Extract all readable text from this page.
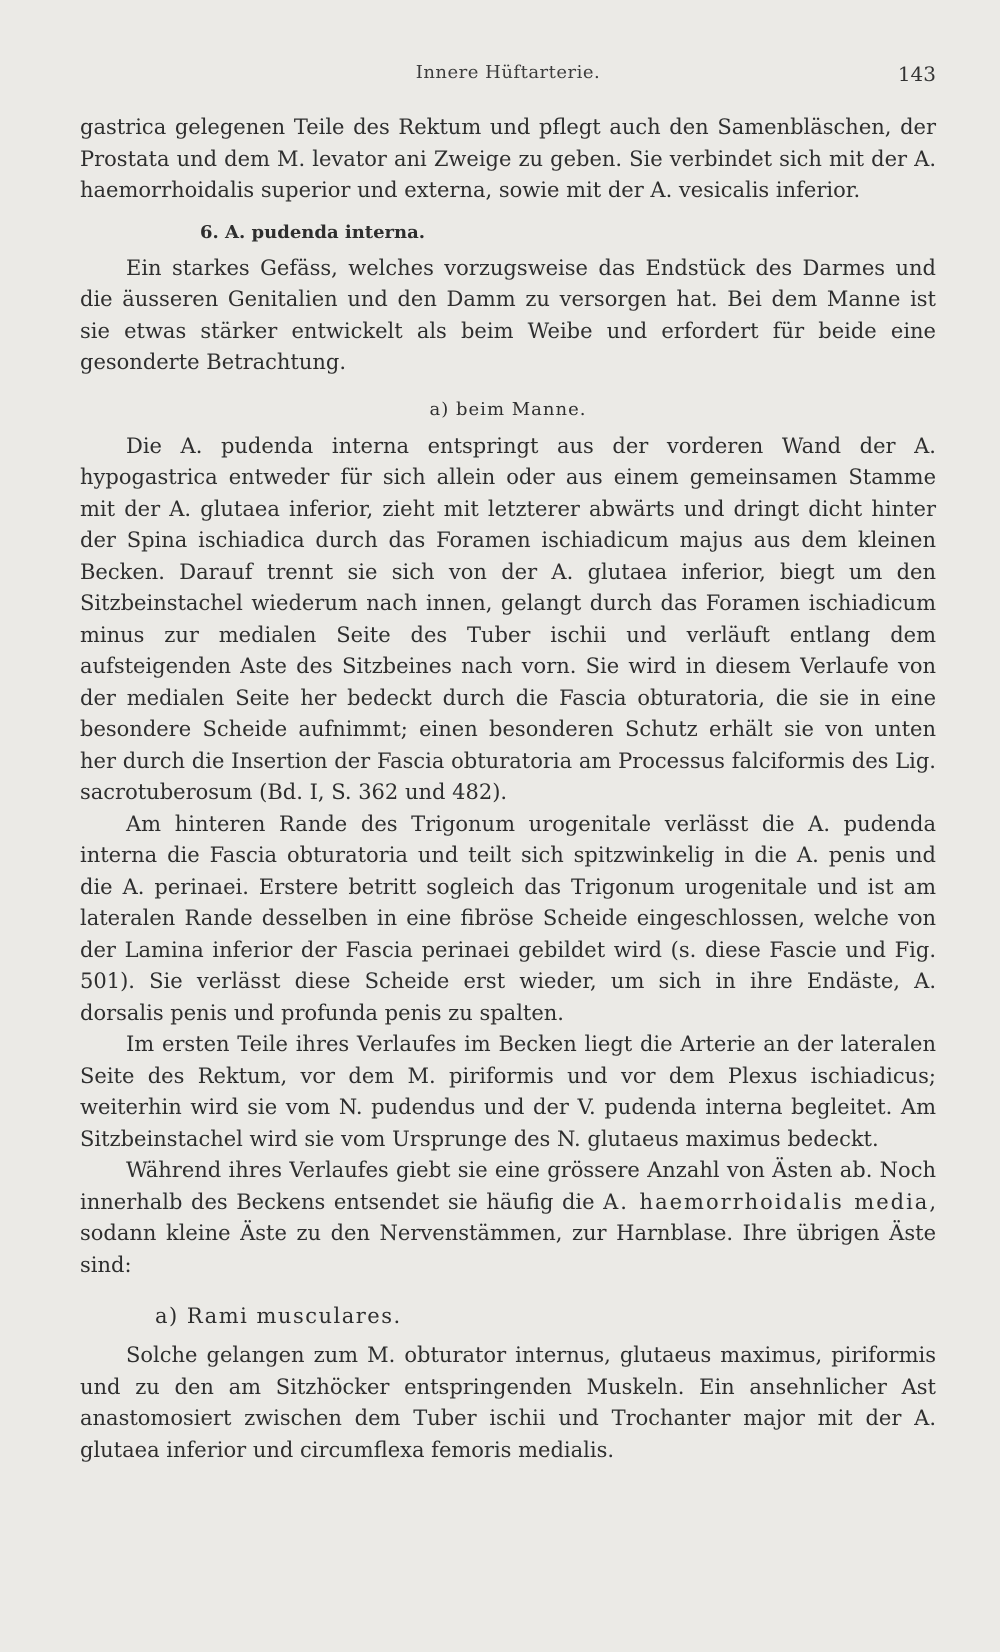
Innere Hüftarterie.	143

gastrica gelegenen Teile des Rektum und pflegt auch den Samenbläschen, der Prostata und dem M. levator ani Zweige zu geben. Sie verbindet sich mit der A. haemorrhoidalis superior und externa, sowie mit der A. vesicalis inferior.

6. A. pudenda interna.

Ein starkes Gefäss, welches vorzugsweise das Endstück des Darmes und die äusseren Genitalien und den Damm zu versorgen hat. Bei dem Manne ist sie etwas stärker entwickelt als beim Weibe und erfordert für beide eine gesonderte Betrachtung.

a) beim Manne.

Die A. pudenda interna entspringt aus der vorderen Wand der A. hypogastrica entweder für sich allein oder aus einem gemeinsamen Stamme mit der A. glutaea inferior, zieht mit letzterer abwärts und dringt dicht hinter der Spina ischiadica durch das Foramen ischiadicum majus aus dem kleinen Becken. Darauf trennt sie sich von der A. glutaea inferior, biegt um den Sitzbeinstachel wiederum nach innen, gelangt durch das Foramen ischiadicum minus zur medialen Seite des Tuber ischii und verläuft entlang dem aufsteigenden Aste des Sitzbeines nach vorn. Sie wird in diesem Verlaufe von der medialen Seite her bedeckt durch die Fascia obturatoria, die sie in eine besondere Scheide aufnimmt; einen besonderen Schutz erhält sie von unten her durch die Insertion der Fascia obturatoria am Processus falciformis des Lig. sacrotuberosum (Bd. I, S. 362 und 482).

Am hinteren Rande des Trigonum urogenitale verlässt die A. pudenda interna die Fascia obturatoria und teilt sich spitzwinkelig in die A. penis und die A. perinaei. Erstere betritt sogleich das Trigonum urogenitale und ist am lateralen Rande desselben in eine fibröse Scheide eingeschlossen, welche von der Lamina inferior der Fascia perinaei gebildet wird (s. diese Fascie und Fig. 501). Sie verlässt diese Scheide erst wieder, um sich in ihre Endäste, A. dorsalis penis und profunda penis zu spalten.

Im ersten Teile ihres Verlaufes im Becken liegt die Arterie an der lateralen Seite des Rektum, vor dem M. piriformis und vor dem Plexus ischiadicus; weiterhin wird sie vom N. pudendus und der V. pudenda interna begleitet. Am Sitzbeinstachel wird sie vom Ursprunge des N. glutaeus maximus bedeckt.

Während ihres Verlaufes giebt sie eine grössere Anzahl von Ästen ab. Noch innerhalb des Beckens entsendet sie häufig die A. haemorrhoidalis media, sodann kleine Äste zu den Nervenstämmen, zur Harnblase. Ihre übrigen Äste sind:

a) Rami musculares.

Solche gelangen zum M. obturator internus, glutaeus maximus, piriformis und zu den am Sitzhöcker entspringenden Muskeln. Ein ansehnlicher Ast anastomosiert zwischen dem Tuber ischii und Trochanter major mit der A. glutaea inferior und circumflexa femoris medialis.
